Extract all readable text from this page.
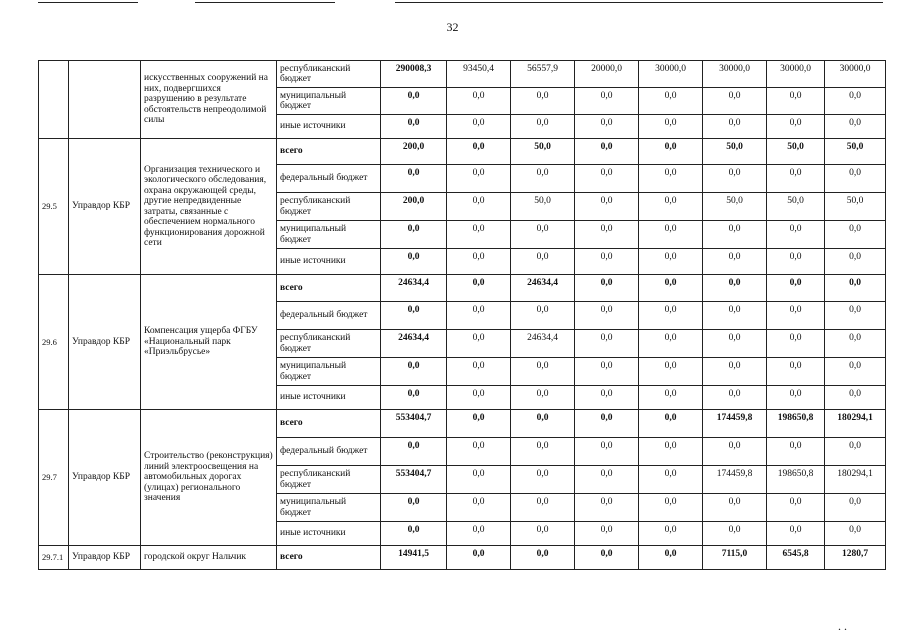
32
		искусственных сооружений на них, подвергшихся разрушению в результате обстоятельств непреодолимой силы	республиканский бюджет	290008,3	93450,4	56557,9	20000,0	30000,0	30000,0	30000,0	30000,0
			муниципальный бюджет	0,0	0,0	0,0	0,0	0,0	0,0	0,0	0,0
			иные источники	0,0	0,0	0,0	0,0	0,0	0,0	0,0	0,0
29.5	Управдор КБР	Организация технического и экологического обследования, охрана окружающей среды, другие непредвиденные затраты, связанные с обеспечением нормального функционирования дорожной сети	всего	200,0	0,0	50,0	0,0	0,0	50,0	50,0	50,0
			федеральный бюджет	0,0	0,0	0,0	0,0	0,0	0,0	0,0	0,0
			республиканский бюджет	200,0	0,0	50,0	0,0	0,0	50,0	50,0	50,0
			муниципальный бюджет	0,0	0,0	0,0	0,0	0,0	0,0	0,0	0,0
			иные источники	0,0	0,0	0,0	0,0	0,0	0,0	0,0	0,0
29.6	Управдор КБР	Компенсация ущерба ФГБУ «Национальный парк «Приэльбрусье»	всего	24634,4	0,0	24634,4	0,0	0,0	0,0	0,0	0,0
			федеральный бюджет	0,0	0,0	0,0	0,0	0,0	0,0	0,0	0,0
			республиканский бюджет	24634,4	0,0	24634,4	0,0	0,0	0,0	0,0	0,0
			муниципальный бюджет	0,0	0,0	0,0	0,0	0,0	0,0	0,0	0,0
			иные источники	0,0	0,0	0,0	0,0	0,0	0,0	0,0	0,0
29.7	Управдор КБР	Строительство (реконструкция) линий электроосвещения на автомобильных дорогах (улицах) регионального значения	всего	553404,7	0,0	0,0	0,0	0,0	174459,8	198650,8	180294,1
			федеральный бюджет	0,0	0,0	0,0	0,0	0,0	0,0	0,0	0,0
			республиканский бюджет	553404,7	0,0	0,0	0,0	0,0	174459,8	198650,8	180294,1
			муниципальный бюджет	0,0	0,0	0,0	0,0	0,0	0,0	0,0	0,0
			иные источники	0,0	0,0	0,0	0,0	0,0	0,0	0,0	0,0
29.7.1	Управдор КБР	городской округ Нальчик	всего	14941,5	0,0	0,0	0,0	0,0	7115,0	6545,8	1280,7
. .
